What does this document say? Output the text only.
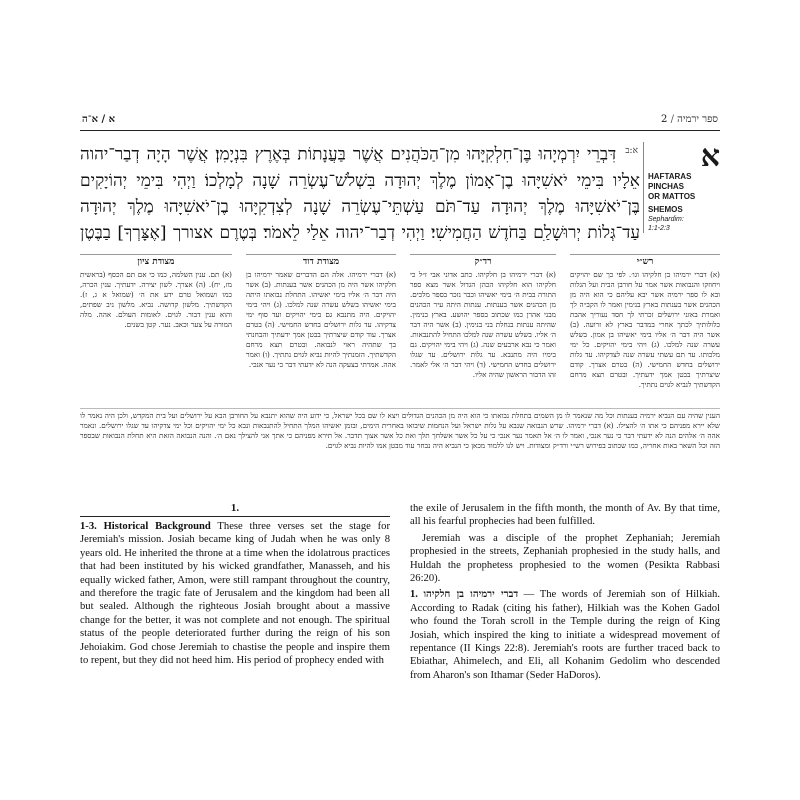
א / א־ה	ספר ירמיה / 2
$^{א:ב}$ דִּבְרֵי יִרְמְיָהוּ בֶּן־חִלְקִיָּהוּ מִן־הַכֹּהֲנִים אֲשֶׁר בַּעֲנָתוֹת בְּאֶרֶץ בִּנְיָמִן׃ אֲשֶׁר הָיָה דְבַר־יהוה אֵלָיו בִּימֵי יֹאשִׁיָּהוּ בֶן־אָמוֹן מֶלֶךְ יְהוּדָה בִּשְׁלֹשׁ־עֶשְׂרֵה שָׁנָה לְמָלְכוֹ׃ וַיְהִי בִּימֵי יְהוֹיָקִים בֶּן־יֹאשִׁיָּהוּ מֶלֶךְ יְהוּדָה עַד־תֹּם עַשְׁתֵּי־עֶשְׂרֵה שָׁנָה לְצִדְקִיָּהוּ בֶן־יֹאשִׁיָּהוּ מֶלֶךְ יְהוּדָה עַד־גְּלוֹת יְרוּשָׁלַ‍ִם בַּחֹדֶשׁ הַחֲמִישִׁי׃ וַיְהִי דְבַר־יהוה אֵלַי לֵאמֹר׃ בְּטֶרֶם אצורך [אֶצָּרְךָ] בַבֶּטֶן
א
HAFTARAS
PINCHAS
OR MATTOS
SHEMOS
Sephardim:
1:1-2:3
רש״י
רד״ק
מצודת דוד
מצודת ציון
(א) דברי ירמיהו בן חלקיהו וגו׳. לפי כך שם יהויקים ויחוזקו והנבואות אשר אמר על חורבן הבית ועל הגלות ובא לו ספר ירמיה אשר יבא עליהם כי הוא היה מן הכהנים אשר בענתות בארץ בנימין ואמר לו הקב״ה לך ואמרת באזני ירושלים זכרתי לך חסד נעוריך אהבת כלולותיך לכתך אחרי במדבר בארץ לא זרועה. (ב) אשר היה דבר ה׳ אליו בימי יאשיהו בן אמון. בשלש עשרה שנה למלכו. (ג) ויהי בימי יהויקים. כל ימי מלכותו. עד תם עשתי עשרה שנה לצדקיהו. עד גלות ירושלים בחדש החמישי. (ה) בטרם אצרך. קודם שיצרתיך בבטן אמך ידעתיך. ובטרם תצא מרחם הקדשתיך לנביא לגוים נתתיך.
(א) דברי ירמיהו בן חלקיהו. כתב אדוני אבי ז״ל כי חלקיהו הוא חלקיהו הכהן הגדול אשר מצא ספר התורה בבית ה׳ בימי יאשיהו וכבר נזכר בספר מלכים. מן הכהנים אשר בענתות. ענתות היתה עיר הכהנים מבני אהרן כמו שכתוב בספר יהושע. בארץ בנימין. שהיתה ענתות בנחלת בני בנימין. (ב) אשר היה דבר ה׳ אליו. בשלש עשרה שנה למלכו התחיל להתנבאות. ואמר כי נבא ארבעים שנה. (ג) ויהי בימי יהויקים. גם בימיו היה מתנבא. עד גלות ירושלים. עד שגלו ירושלים בחדש החמישי. (ד) ויהי דבר ה׳ אלי לאמר. זהו הדבור הראשון שהיה אליו.
(א) דברי ירמיהו. אלה הם הדברים שאמר ירמיהו בן חלקיהו אשר היה מן הכהנים אשר בענתות. (ב) אשר היה דבר ה׳ אליו בימי יאשיהו. התחלת נבואתו היתה בימי יאשיהו בשלש עשרה שנה למלכו. (ג) ויהי בימי יהויקים. היה מתנבא גם בימי יהויקים ועד סוף ימי צדקיהו. עד גלות ירושלים בחדש החמישי. (ה) בטרם אצרך. עוד קודם שיצרתיך בבטן אמך ידעתיך והבחנתי בך שתהיה ראוי לנבואה. ובטרם תצא מרחם הקדשתיך. הזמנתיך להיות נביא לגוים נתתיך. (ו) ואמר אהה. אמרתי בצעקה הנה לא ידעתי דבר כי נער אנכי.
(א) תם. ענין השלמה, כמו כי אם תם הכסף (בראשית מז, יח). (ה) אצרך. לשון יצירה. ידעתיך. ענין הכרה, כמו ושמואל טרם ידע את ה׳ (שמואל א ג, ז). הקדשתיך. מלשון קדושה. נביא. מלשון ניב שפתים, והוא ענין דבור. לגוים. לאומות העולם. אהה. מלה המורה על צער וכאב. נער. קטן בשנים.
הענין שהיה עם הנביא ירמיה בענתות וכל מה שנאמר לו מן השמים בתחלת נבואתו כי הוא היה מן הכהנים הגדולים ויצא לו שם בכל ישראל, כי ידוע היה שהוא יתנבא על החורבן הבא על ירושלים ועל בית המקדש, ולכן היה נאמר לו שלא יירא מפניהם כי אתו ה׳ להצילו. (א) דברי ירמיהו. שרש הנבואה שנבא על גלות ישראל ועל הנחמות שיבואו באחרית הימים, ובזמן יאשיהו המלך התחיל להתנבאות ונבא כל ימי יהויקים וכל ימי צדקיהו עד שגלו ירושלים. ונאמר אהה ה׳ אלהים הנה לא ידעתי דבר כי נער אנכי, ואמר לו ה׳ אל תאמר נער אנכי כי על כל אשר אשלחך תלך ואת כל אשר אצוך תדבר. אל תירא מפניהם כי אתך אני להצילך נאם ה׳. והנה הנבואה הזאת היא תחלת הנבואות שבספר הזה וכל השאר באות אחריה, כמו שכתוב בפירוש רש״י ורד״ק ומצודות. ויש לנו ללמוד מכאן כי הנביא היה נבחר עוד מבטן אמו להיות נביא לגוים.
1.

1-3. Historical Background These three verses set the stage for Jeremiah's mission. Josiah became king of Judah when he was only 8 years old. He inherited the throne at a time when the idolatrous practices that had been instituted by his wicked grandfather, Manasseh, and his equally wicked father, Amon, were still rampant throughout the country, and therefore the tragic fate of Jerusalem and the kingdom had been all but sealed. Although the righteous Josiah brought about a massive change for the better, it was not complete and not enough. The spiritual status of the people deteriorated further during the reign of his son Jehoiakim. God chose Jeremiah to chastise the people and inspire them to repent, but they did not heed him. His period of prophecy ended with

the exile of Jerusalem in the fifth month, the month of Av. By that time, all his fearful prophecies had been fulfilled.

Jeremiah was a disciple of the prophet Zephaniah; Jeremiah prophesied in the streets, Zephaniah prophesied in the study halls, and Huldah the prophetess prophesied to the women (Pesikta Rabbasi 26:20).

1. דברי ירמיהו בן חלקיהו — The words of Jeremiah son of Hilkiah. According to Radak (citing his father), Hilkiah was the Kohen Gadol who found the Torah scroll in the Temple during the reign of King Josiah, which inspired the king to initiate a widespread movement of repentance (II Kings 22:8). Jeremiah's roots are further traced back to Ebiathar, Ahimelech, and Eli, all Kohanim Gedolim who descended from Aharon's son Ithamar (Seder HaDoros).
